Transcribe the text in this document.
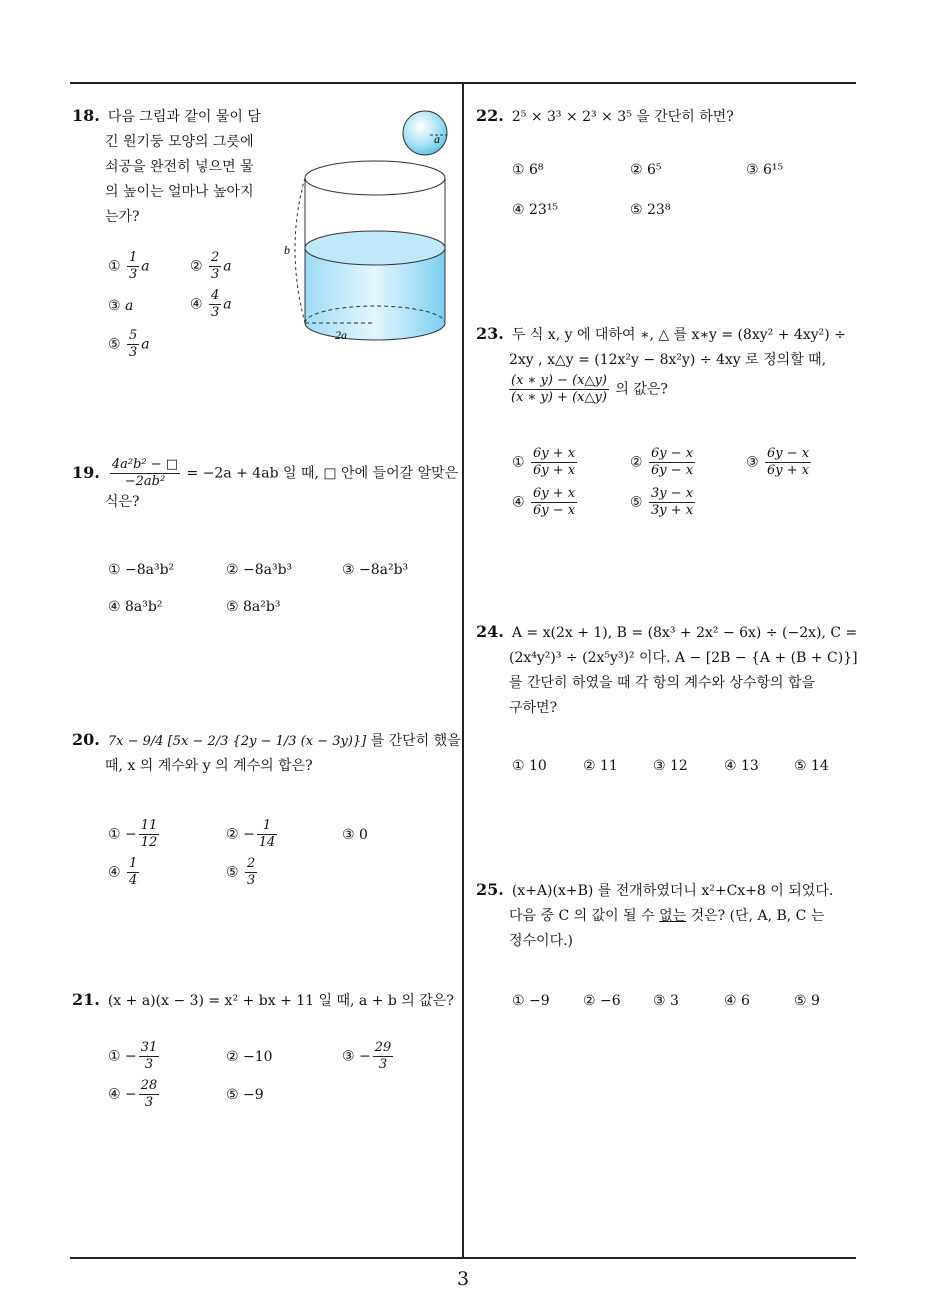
3
18. 다음 그림과 같이 물이 담
긴 원기둥 모양의 그릇에
쇠공을 완전히 넣으면 물
의 높이는 얼마나 높아지
는가?
① $\frac{1}{3}$ a	② $\frac{2}{3}$ a
③ a	④ $\frac{4}{3}$ a
⑤ $\frac{5}{3}$ a
a
2a
b
19. $\frac{\text{4a²b² − □}}{\text{−2ab²}} = -2a + 4ab$ 일 때, □ 안에 들어갈 알맞은
식은?
① −8a³b²	② −8a³b³	③ −8a²b³
④ 8a³b²	⑤ 8a²b³
20. 7x − 9/4 [5x − 2/3 {2y − 1/3 (x − 3y)}] 를 간단히 했을
때, x 의 계수와 y 의 계수의 합은?
① − $\frac{11}{12}$	② − $\frac{1}{14}$	③ 0
④ $\frac{1}{4}$	⑤ $\frac{2}{3}$
21. (x + a)(x − 3) = x² + bx + 11 일 때, a + b 의 값은?
① − $\frac{31}{3}$	② −10	③ − $\frac{29}{3}$
④ − $\frac{28}{3}$	⑤ −9
22. 2⁵ × 3³ × 2³ × 3⁵ 을 간단히 하면?
① 6⁸	② 6⁵	③ 6¹⁵
④ 23¹⁵	⑤ 23⁸
23. 두 식 x, y 에 대하여 ∗, △ 를 x∗y = (8xy² + 4xy²) ÷
2xy , x△y = (12x²y − 8x²y) ÷ 4xy 로 정의할 때,

$\frac{(x ∗ y) - (x\triangle y)}{(x ∗ y) + (x\triangle y)}$ 의 값은?
① $\frac{6y + x}{6y + x}$	② $\frac{6y - x}{6y - x}$	③ $\frac{6y - x}{6y + x}$
④ $\frac{6y + x}{6y - x}$	⑤ $\frac{3y - x}{3y + x}$
24. A = x(2x + 1), B = (8x³ + 2x² − 6x) ÷ (−2x), C =
(2x⁴y²)³ ÷ (2x⁵y³)² 이다. A − [2B − {A + (B + C)}]
를 간단히 하였을 때 각 항의 계수와 상수항의 합을
구하면?
① 10	② 11	③ 12	④ 13	⑤ 14
25. (x+A)(x+B) 를 전개하였더니 x²+Cx+8 이 되었다.
다음 중 C 의 값이 될 수 없는 것은? (단, A, B, C 는
정수이다.)
① −9 ② −6 ③ 3	④ 6	⑤ 9
